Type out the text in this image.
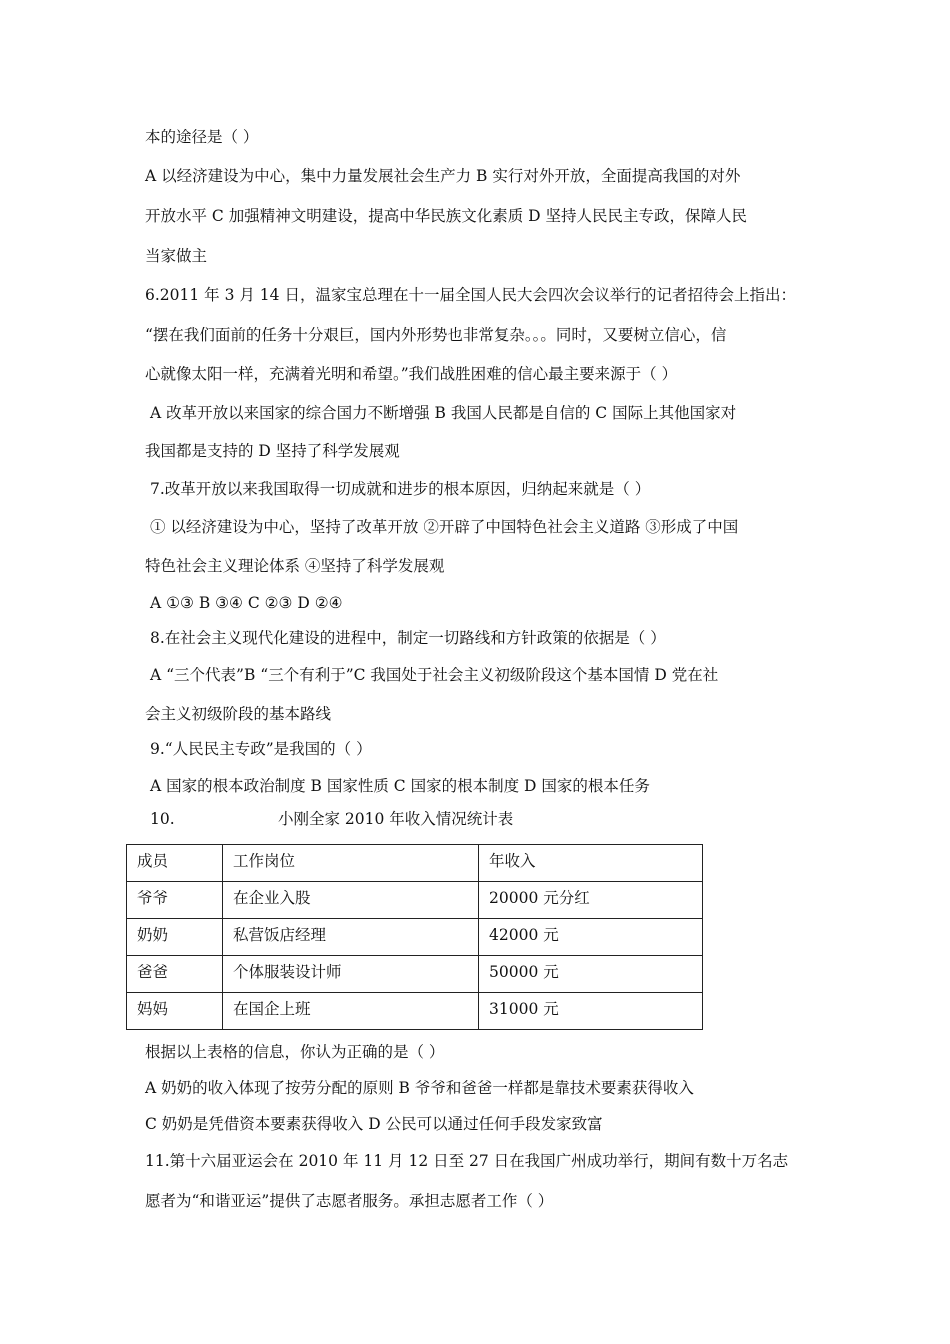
本的途径是（ ）
A 以经济建设为中心，集中力量发展社会生产力 B 实行对外开放，全面提高我国的对外
开放水平 C 加强精神文明建设，提高中华民族文化素质 D 坚持人民民主专政，保障人民
当家做主
6.2011 年 3 月 14 日，温家宝总理在十一届全国人民大会四次会议举行的记者招待会上指出：
“摆在我们面前的任务十分艰巨，国内外形势也非常复杂。。。同时，又要树立信心，信
心就像太阳一样，充满着光明和希望。”我们战胜困难的信心最主要来源于（ ）
A 改革开放以来国家的综合国力不断增强 B 我国人民都是自信的 C 国际上其他国家对
我国都是支持的 D 坚持了科学发展观
7.改革开放以来我国取得一切成就和进步的根本原因，归纳起来就是（ ）
① 以经济建设为中心，坚持了改革开放 ②开辟了中国特色社会主义道路 ③形成了中国
特色社会主义理论体系 ④坚持了科学发展观
A ①③ B ③④ C ②③ D ②④
8.在社会主义现代化建设的进程中，制定一切路线和方针政策的依据是（ ）
A “三个代表”B “三个有利于”C 我国处于社会主义初级阶段这个基本国情 D 党在社
会主义初级阶段的基本路线
9.“人民民主专政”是我国的（ ）
A 国家的根本政治制度 B 国家性质 C 国家的根本制度 D 国家的根本任务
10.	小刚全家 2010 年收入情况统计表
成员	工作岗位	年收入
爷爷	在企业入股	20000 元分红
奶奶	私营饭店经理	42000 元
爸爸	个体服装设计师	50000 元
妈妈	在国企上班	31000 元
根据以上表格的信息，你认为正确的是（ ）
A 奶奶的收入体现了按劳分配的原则 B 爷爷和爸爸一样都是靠技术要素获得收入
C 奶奶是凭借资本要素获得收入 D 公民可以通过任何手段发家致富
11.第十六届亚运会在 2010 年 11 月 12 日至 27 日在我国广州成功举行，期间有数十万名志
愿者为“和谐亚运”提供了志愿者服务。承担志愿者工作（ ）
